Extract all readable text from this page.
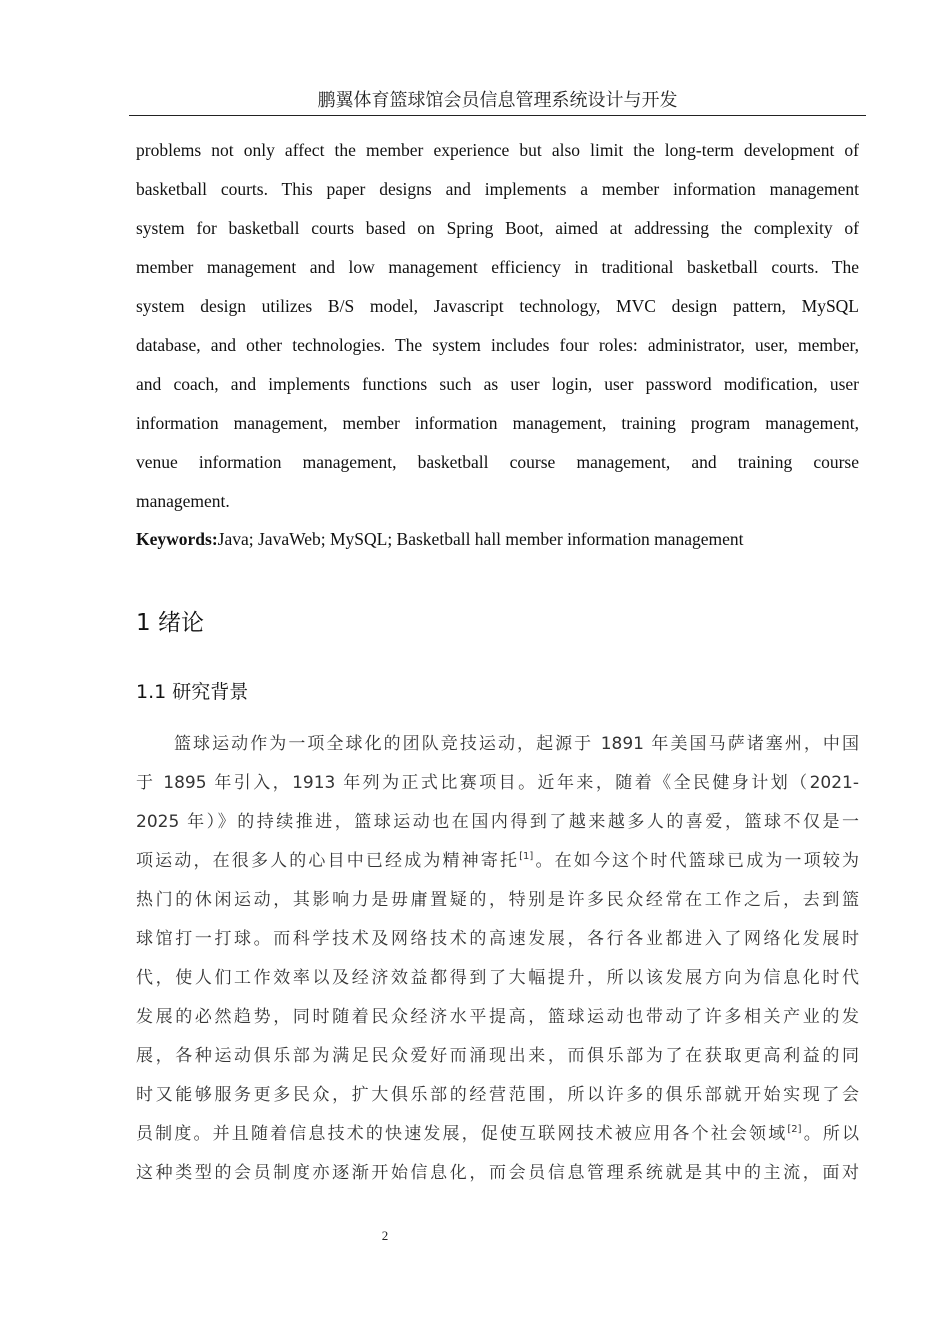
鹏翼体育篮球馆会员信息管理系统设计与开发
problems not only affect the member experience but also limit the long-term development of
basketball courts. This paper designs and implements a member information management
system for basketball courts based on Spring Boot, aimed at addressing the complexity of
member management and low management efficiency in traditional basketball courts. The
system design utilizes B/S model, Javascript technology, MVC design pattern, MySQL
database, and other technologies. The system includes four roles: administrator, user, member,
and coach, and implements functions such as user login, user password modification, user
information management, member information management, training program management,
venue information management, basketball course management, and training course
management.
Keywords:Java; JavaWeb; MySQL; Basketball hall member information management
1 绪论
1.1 研究背景
篮球运动作为一项全球化的团队竞技运动，起源于 1891 年美国马萨诸塞州，中国
于 1895 年引入，1913 年列为正式比赛项目。近年来，随着《全民健身计划（2021-
2025 年）》的持续推进，篮球运动也在国内得到了越来越多人的喜爱，篮球不仅是一
项运动，在很多人的心目中已经成为精神寄托[1]。在如今这个时代篮球已成为一项较为
热门的休闲运动，其影响力是毋庸置疑的，特别是许多民众经常在工作之后，去到篮
球馆打一打球。而科学技术及网络技术的高速发展，各行各业都进入了网络化发展时
代，使人们工作效率以及经济效益都得到了大幅提升，所以该发展方向为信息化时代
发展的必然趋势，同时随着民众经济水平提高，篮球运动也带动了许多相关产业的发
展，各种运动俱乐部为满足民众爱好而涌现出来，而俱乐部为了在获取更高利益的同
时又能够服务更多民众，扩大俱乐部的经营范围，所以许多的俱乐部就开始实现了会
员制度。并且随着信息技术的快速发展，促使互联网技术被应用各个社会领域[2]。所以
这种类型的会员制度亦逐渐开始信息化，而会员信息管理系统就是其中的主流，面对
2
